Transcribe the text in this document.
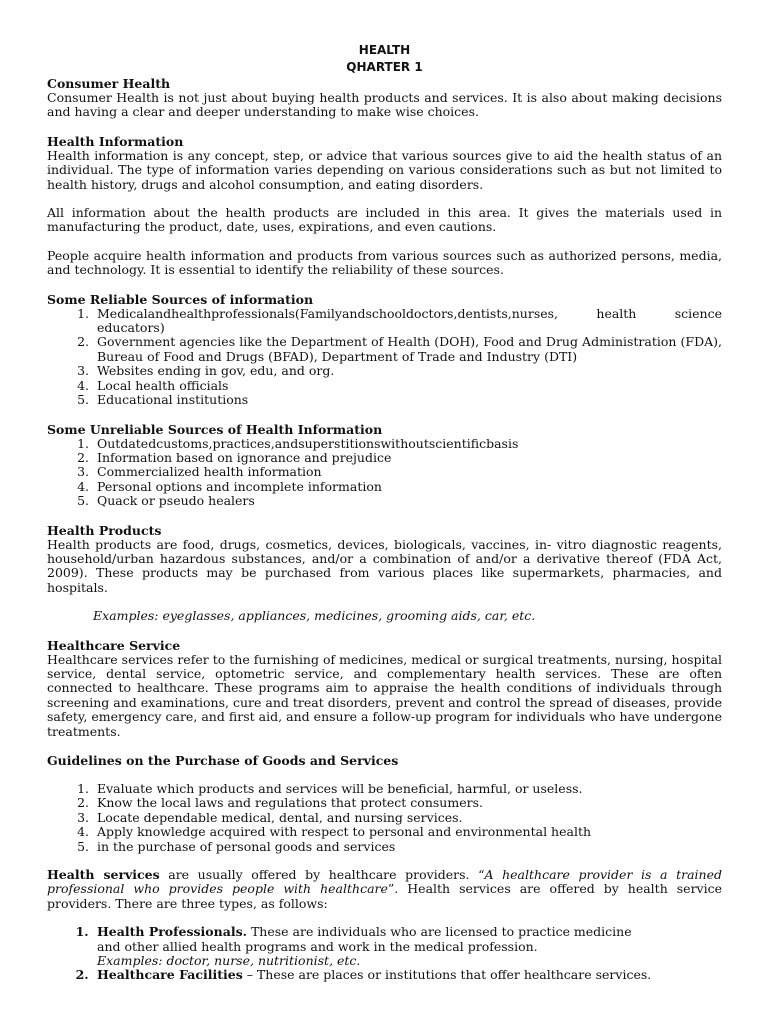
HEALTH
QHARTER 1
Consumer Health

Consumer Health is not just about buying health products and services. It is also about making decisions and having a clear and deeper understanding to make wise choices.

Health Information

Health information is any concept, step, or advice that various sources give to aid the health status of an individual. The type of information varies depending on various considerations such as but not limited to health history, drugs and alcohol consumption, and eating disorders.

All information about the health products are included in this area. It gives the materials used in manufacturing the product, date, uses, expirations, and even cautions.

People acquire health information and products from various sources such as authorized persons, media, and technology. It is essential to identify the reliability of these sources.

Some Reliable Sources of information
1. Medicalandhealthprofessionals(Familyandschooldoctors,dentists,nurses, health science educators)
2. Government agencies like the Department of Health (DOH), Food and Drug Administration (FDA), Bureau of Food and Drugs (BFAD), Department of Trade and Industry (DTI)
3. Websites ending in gov, edu, and org.
4. Local health officials
5. Educational institutions
Some Unreliable Sources of Health Information
1. Outdatedcustoms,practices,andsuperstitionswithoutscientificbasis
2. Information based on ignorance and prejudice
3. Commercialized health information
4. Personal options and incomplete information
5. Quack or pseudo healers
Health Products

Health products are food, drugs, cosmetics, devices, biologicals, vaccines, in- vitro diagnostic reagents, household/urban hazardous substances, and/or a combination of and/or a derivative thereof (FDA Act, 2009). These products may be purchased from various places like supermarkets, pharmacies, and hospitals.

Examples: eyeglasses, appliances, medicines, grooming aids, car, etc.

Healthcare Service

Healthcare services refer to the furnishing of medicines, medical or surgical treatments, nursing, hospital service, dental service, optometric service, and complementary health services. These are often connected to healthcare. These programs aim to appraise the health conditions of individuals through screening and examinations, cure and treat disorders, prevent and control the spread of diseases, provide safety, emergency care, and first aid, and ensure a follow-up program for individuals who have undergone treatments.

Guidelines on the Purchase of Goods and Services
1. Evaluate which products and services will be beneficial, harmful, or useless.
2. Know the local laws and regulations that protect consumers.
3. Locate dependable medical, dental, and nursing services.
4. Apply knowledge acquired with respect to personal and environmental health
5. in the purchase of personal goods and services

Health services are usually offered by healthcare providers. “A healthcare provider is a trained professional who provides people with healthcare”. Health services are offered by health service providers. There are three types, as follows:

1. Health Professionals. These are individuals who are licensed to practice medicine
and other allied health programs and work in the medical profession.
Examples: doctor, nurse, nutritionist, etc.
2. Healthcare Facilities – These are places or institutions that offer healthcare services.
